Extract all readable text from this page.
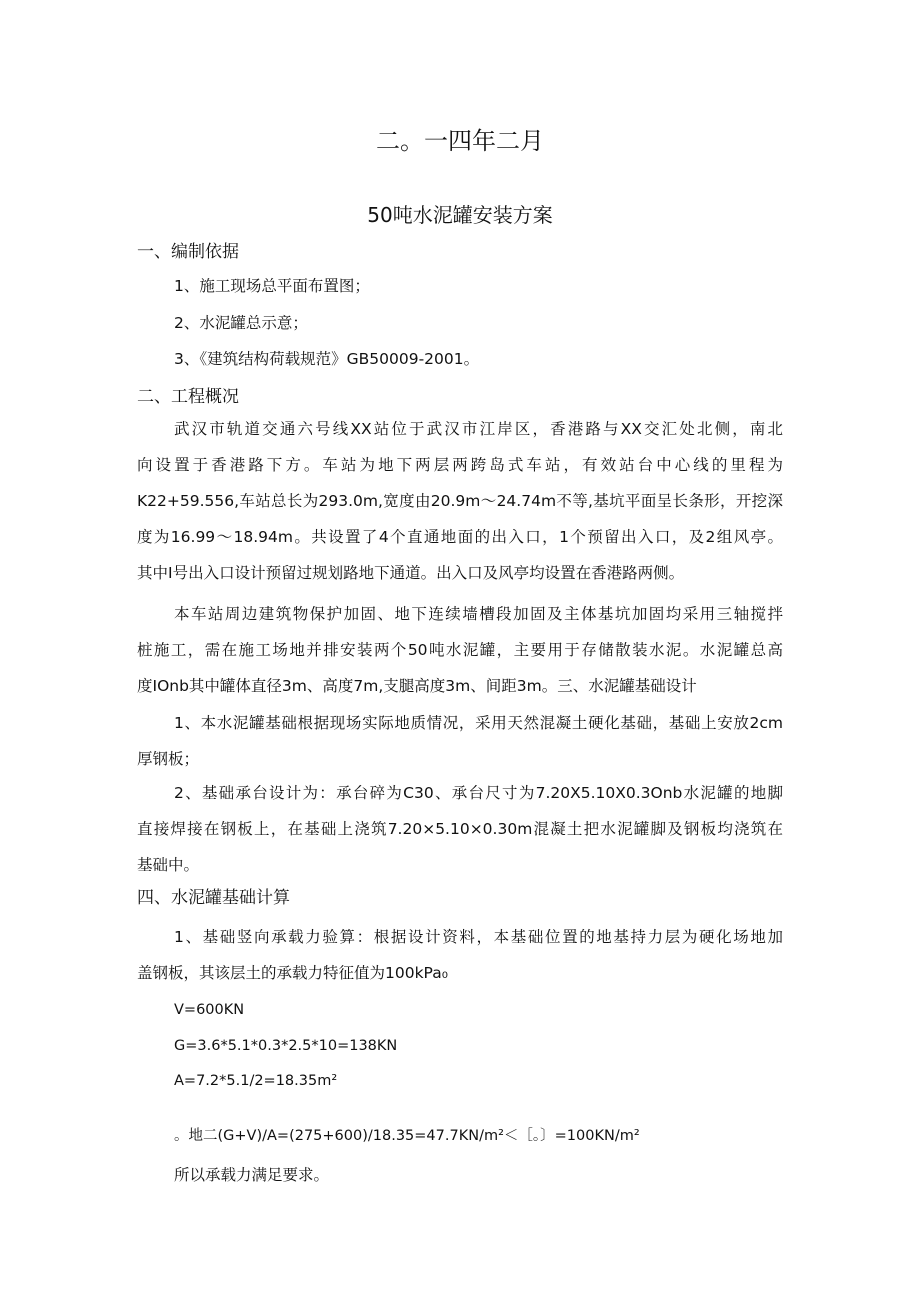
二。一四年二月
50吨水泥罐安装方案
一、编制依据
1、施工现场总平面布置图；
2、水泥罐总示意；
3、《建筑结构荷载规范》GB50009-2001。
二、工程概况
武汉市轨道交通六号线XX站位于武汉市江岸区，香港路与XX交汇处北侧，南北
向设置于香港路下方。车站为地下两层两跨岛式车站，有效站台中心线的里程为
K22+59.556,车站总长为293.0m,宽度由20.9m～24.74m不等,基坑平面呈长条形，开挖深
度为16.99～18.94m。共设置了4个直通地面的出入口，1个预留出入口，及2组风亭。
其中I号出入口设计预留过规划路地下通道。出入口及风亭均设置在香港路两侧。
本车站周边建筑物保护加固、地下连续墙槽段加固及主体基坑加固均采用三轴搅拌
桩施工，需在施工场地并排安装两个50吨水泥罐，主要用于存储散装水泥。水泥罐总高
度IOnb其中罐体直径3m、高度7m,支腿高度3m、间距3m。三、水泥罐基础设计
1、本水泥罐基础根据现场实际地质情况，采用天然混凝土硬化基础，基础上安放2cm
厚钢板；
2、基础承台设计为：承台碎为C30、承台尺寸为7.20X5.10X0.3Onb水泥罐的地脚
直接焊接在钢板上，在基础上浇筑7.20×5.10×0.30m混凝土把水泥罐脚及钢板均浇筑在
基础中。
四、水泥罐基础计算
1、基础竖向承载力验算：根据设计资料，本基础位置的地基持力层为硬化场地加
盖钢板，其该层土的承载力特征值为100kPa₀
V=600KN
G=3.6*5.1*0.3*2.5*10=138KN
A=7.2*5.1/2=18.35m²
。地二(G+V)/A=(275+600)/18.35=47.7KN∕m²＜［。〕=100KN∕m²
所以承载力满足要求。
